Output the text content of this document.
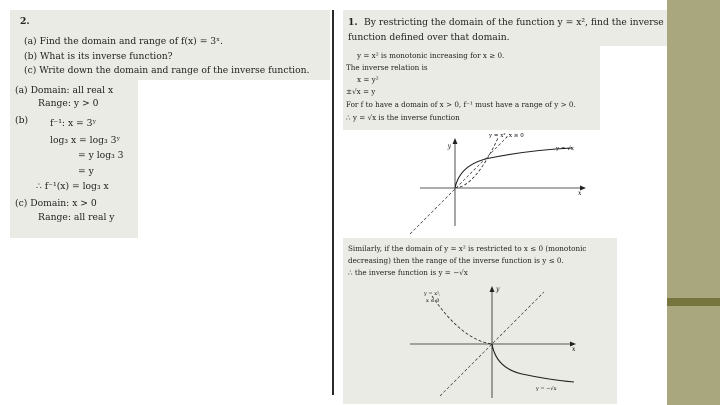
2.
(a) Find the domain and range of f(x) = 3ˣ.
(b) What is its inverse function?
(c) Write down the domain and range of the inverse function.
(a) Domain: all real x
Range: y > 0
(b) f⁻¹: x = 3ʸ
log₃ x = log₃ 3ʸ
= y log₃ 3
= y
∴ f⁻¹(x) = log₃ x
(c) Domain: x > 0
Range: all real y
1. By restricting the domain of the function y = x², find the inverse
function defined over that domain.
y = x² is monotonic increasing for x ≥ 0.
The inverse relation is
x = y²
±√x = y
For f to have a domain of x > 0, f⁻¹ must have a range of y > 0.
∴ y = √x is the inverse function
y
x
y = x², x ≥ 0
y = √x
Similarly, if the domain of y = x² is restricted to x ≤ 0 (monotonic
decreasing) then the range of the inverse function is y ≤ 0.
∴ the inverse function is y = −√x
y
x
y = x²,
x ≤ 0
y = −√x
